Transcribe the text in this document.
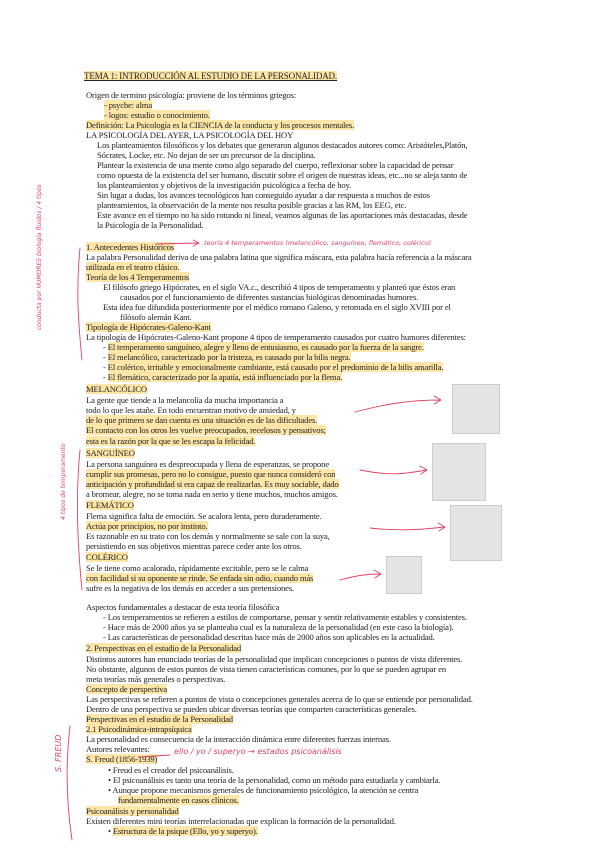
TEMA 1: INTRODUCCIÓN AL ESTUDIO DE LA PERSONALIDAD.
Origen de termino psicología: proviene de los términos griegos:
- psyche: alma
- logos: estudio o conocimiento.
Definición: La Psicología es la CIENCIA de la conducta y los procesos mentales.
LA PSICOLOGÍA DEL AYER, LA PSICOLOGÍA DEL HOY
Los planteamientos filosóficos y los debates que generaron algunos destacados autores como: Aristóteles,Platón,
Sócrates, Locke, etc. No dejan de ser un precursor de la disciplina.
Plantear la existencia de una mente como algo separado del cuerpo, reflexionar sobre la capacidad de pensar
como opuesta de la existencia del ser humano, discutir sobre el origen de nuestras ideas, etc...no se aleja tanto de
los planteamientos y objetivos de la investigación psicológica a fecha de hoy.
Sin lugar a dudas, los avances tecnológicos han conseguido ayudar a dar respuesta a muchos de estos
planteamientos, la observación de la mente nos resulta posible gracias a las RM, los EEG, etc.
Este avance en el tiempo no ha sido rotundo ni lineal, veamos algunas de las aportaciones más destacadas, desde
la Psicología de la Personalidad.
1. Antecedentes Históricos
La palabra Personalidad deriva de una palabra latina que significa máscara, esta palabra hacía referencia a la máscara
utilizada en el teatro clásico.
Teoría de los 4 Temperamentos
El filósofo griego Hipócrates, en el siglo VA.c., describió 4 tipos de temperamento y planteó que éstos eran
causados por el funcionamiento de diferentes sustancias biológicas denominadas humores.
Esta idea fue difundida posteriormente por el médico romano Galeno, y retomada en el siglo XVIII por el
filósofo alemán Kant.
Tipología de Hipócrates-Galeno-Kant
La tipología de Hipócrates-Galeno-Kant propone 4 tipos de temperamento causados por cuatro humores diferentes:
- El temperamento sanguíneo, alegre y lleno de entusiasmo, es causado por la fuerza de la sangre.
- El melancólico, caracterizado por la tristeza, es causado por la bilis negra.
- El colérico, irritable y emocionalmente cambiante, está causado por el predominio de la bilis amarilla.
- El flemático, caracterizado por la apatía, está influenciado por la flema.
MELANCÓLICO
La gente que tiende a la melancolía da mucha importancia a
todo lo que les atañe. En todo encuentran motivo de ansiedad, y
de lo que primero se dan cuenta es una situación es de las dificultades.
El contacto con los otros les vuelve preocupados, recelosos y pensativos;
esta es la razón por la que se les escapa la felicidad.
SANGUÍNEO
La persona sanguínea es despreocupada y llena de esperanzas, se propone
cumplir sus promesas, pero no lo consigue, puesto que nunca consideró con
anticipación y profundidad si era capaz de realizarlas. Es muy sociable, dado
a bromear, alegre, no se toma nada en serio y tiene muchos, muchos amigos.
FLEMÁTICO
Flema significa falta de emoción. Se acalora lenta, pero duraderamente.
Actúa por principios, no por instinto.
Es razonable en su trato con los demás y normalmente se sale con la suya,
persistiendo en sus objetivos mientras parece ceder ante los otros.
COLÉRICO
Se le tiene como acalorado, rápidamente excitable, pero se le calma
con facilidad si su oponente se rinde. Se enfada sin odio, cuando más
sufre es la negativa de los demás en acceder a sus pretensiones.
Aspectos fundamentales a destacar de esta teoría filosófica
- Los temperamentos se refieren a estilos de comportarse, pensar y sentir relativamente estables y consistentes.
- Hace más de 2000 años ya se planteaba cual es la naturaleza de la personalidad (en este caso la biología).
- Las características de personalidad descritas hace más de 2000 años son aplicables en la actualidad.
2. Perspectivas en el estudio de la Personalidad
Distintos autores han enunciado teorías de la personalidad que implican concepciones o puntos de vista diferentes.
No obstante, algunos de estos puntos de vista tienen características comunes, por lo que se pueden agrupar en
meta teorías más generales o perspectivas.
Concepto de perspectiva
Las perspectivas se refieren a puntos de vista o concepciones generales acerca de lo que se entiende por personalidad.
Dentro de una perspectiva se pueden ubicar diversas teorías que comparten características generales.
Perspectivas en el estudio de la Personalidad
2.1 Psicodinámica-intrapsíquica
La personalidad es consecuencia de la interacción dinámica entre diferentes fuerzas internas.
Autores relevantes:
S. Freud (1856-1939)
• Freud es el creador del psicoanálisis.
• El psicoanálisis es tanto una teoría de la personalidad, como un método para estudiarla y cambiarla.
• Aunque propone mecanismos generales de funcionamiento psicológico, la atención se centra
fundamentalmente en casos clínicos.
Psicoanálisis y personalidad
Existen diferentes mini teorías interrelacionadas que explican la formación de la personalidad.
• Estructura de la psique (Ello, yo y superyo).
teoría 4 temperamentos (melancólico, sanguíneo, flemático, colérico)
conducta por HUMORES biología fluidos / 4 tipos
4 tipos de temperamento
S. FREUD	ello / yo / superyo → estados psicoanálisis
